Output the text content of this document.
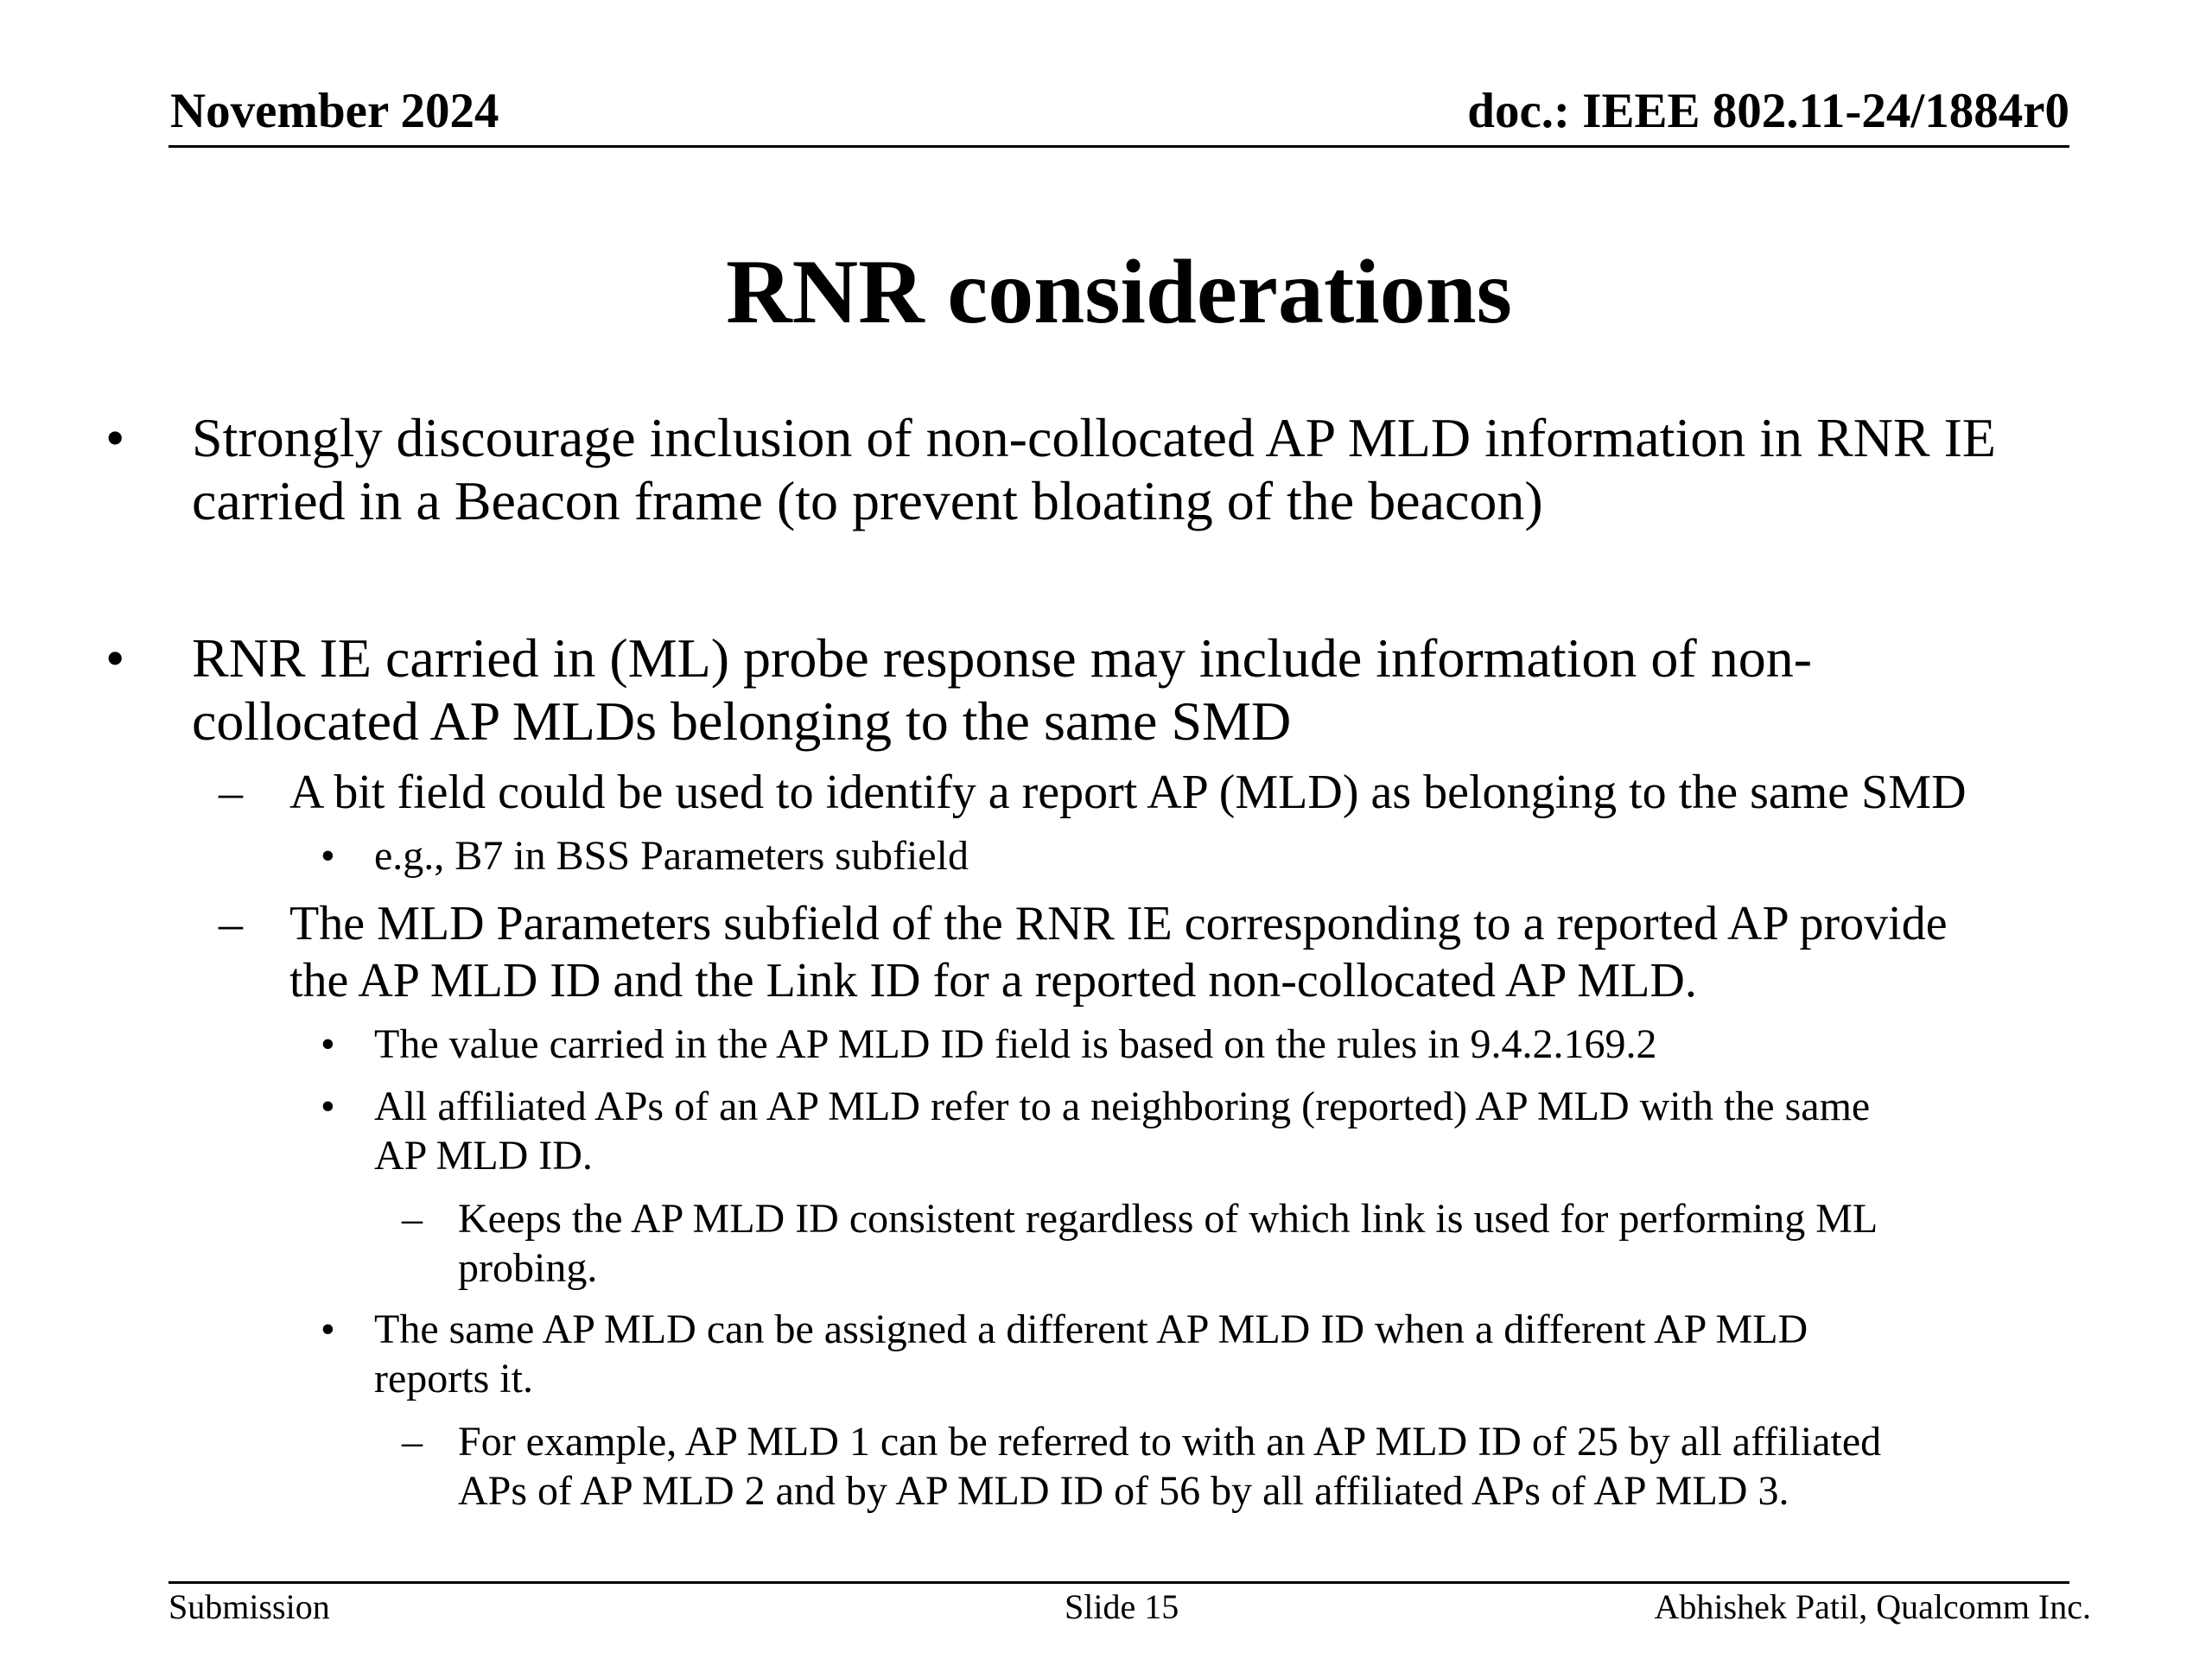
November 2024	doc.: IEEE 802.11-24/1884r0
RNR considerations
• Strongly discourage inclusion of non-collocated AP MLD information in RNR IE
carried in a Beacon frame (to prevent bloating of the beacon)
• RNR IE carried in (ML) probe response may include information of non-
collocated AP MLDs belonging to the same SMD
– A bit field could be used to identify a report AP (MLD) as belonging to the same SMD
• e.g., B7 in BSS Parameters subfield
– The MLD Parameters subfield of the RNR IE corresponding to a reported AP provide
the AP MLD ID and the Link ID for a reported non-collocated AP MLD.
• The value carried in the AP MLD ID field is based on the rules in 9.4.2.169.2
• All affiliated APs of an AP MLD refer to a neighboring (reported) AP MLD with the same
AP MLD ID.
– Keeps the AP MLD ID consistent regardless of which link is used for performing ML
probing.
• The same AP MLD can be assigned a different AP MLD ID when a different AP MLD
reports it.
– For example, AP MLD 1 can be referred to with an AP MLD ID of 25 by all affiliated
APs of AP MLD 2 and by AP MLD ID of 56 by all affiliated APs of AP MLD 3.
Submission	Slide 15	Abhishek Patil, Qualcomm Inc.
